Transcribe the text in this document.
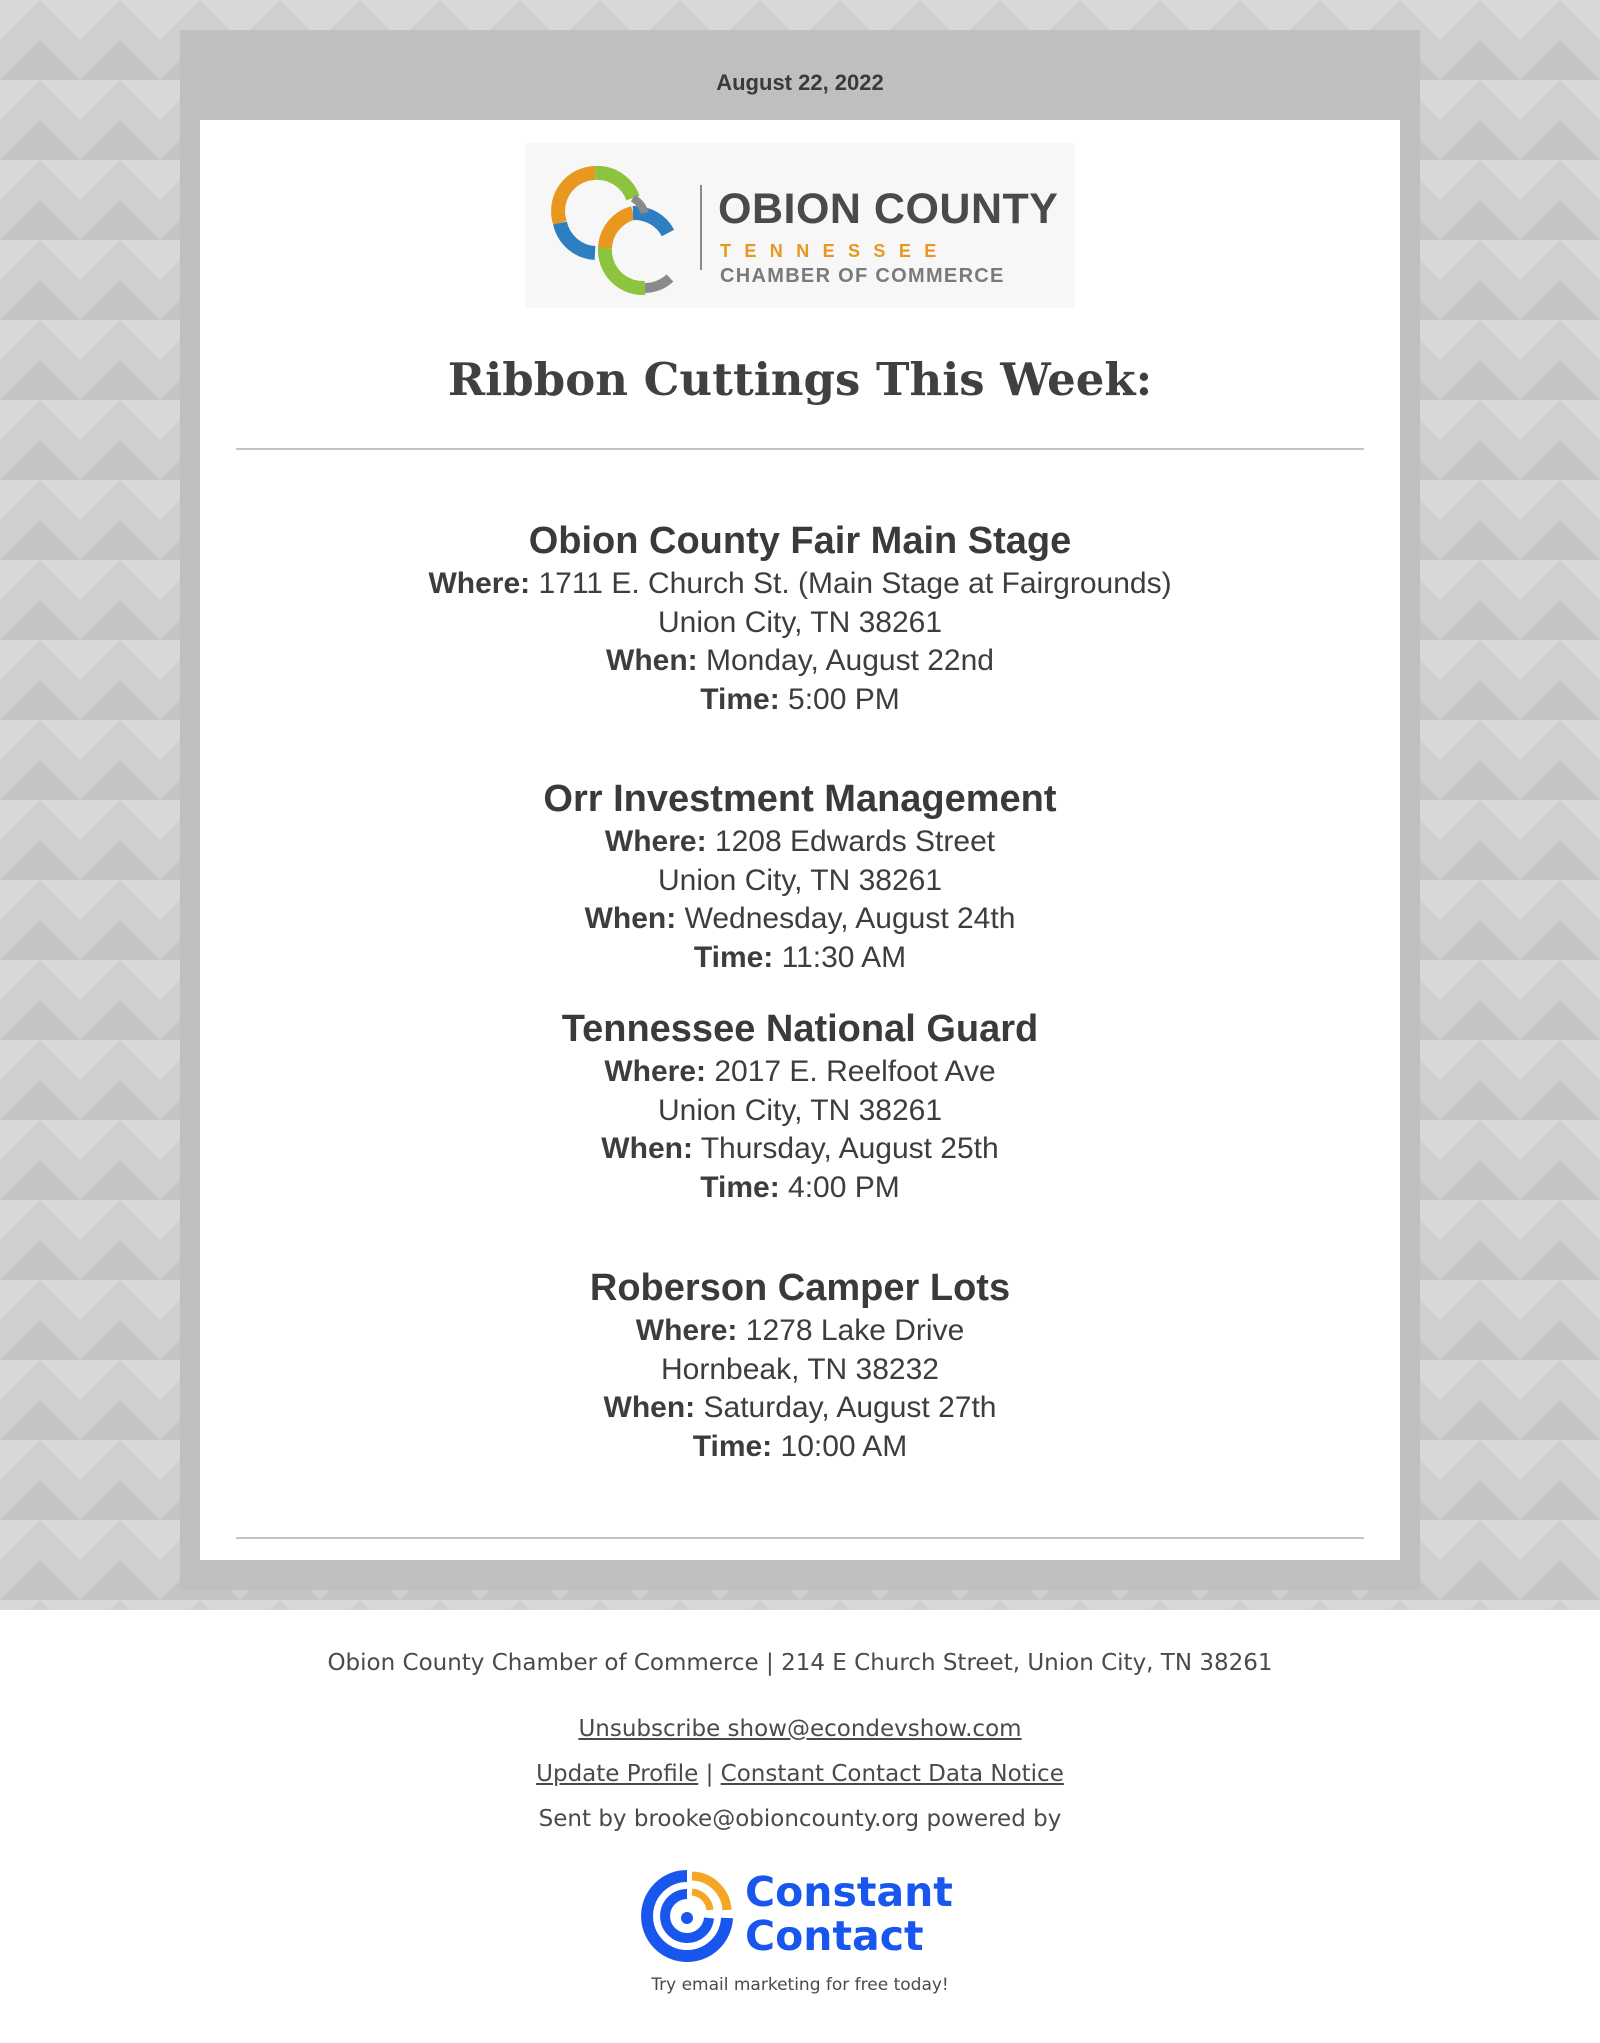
August 22, 2022
OBION COUNTY
TENNESSEE
CHAMBER OF COMMERCE
Ribbon Cuttings This Week:
Obion County Fair Main Stage
Where: 1711 E. Church St. (Main Stage at Fairgrounds)
Union City, TN 38261
When: Monday, August 22nd
Time: 5:00 PM
Orr Investment Management
Where: 1208 Edwards Street
Union City, TN 38261
When: Wednesday, August 24th
Time: 11:30 AM
Tennessee National Guard
Where: 2017 E. Reelfoot Ave
Union City, TN 38261
When: Thursday, August 25th
Time: 4:00 PM
Roberson Camper Lots
Where: 1278 Lake Drive
Hornbeak, TN 38232
When: Saturday, August 27th
Time: 10:00 AM
Obion County Chamber of Commerce | 214 E Church Street, Union City, TN 38261
Unsubscribe show@econdevshow.com
Update Profile | Constant Contact Data Notice
Sent by brooke@obioncounty.org powered by
Constant
Contact
Try email marketing for free today!
